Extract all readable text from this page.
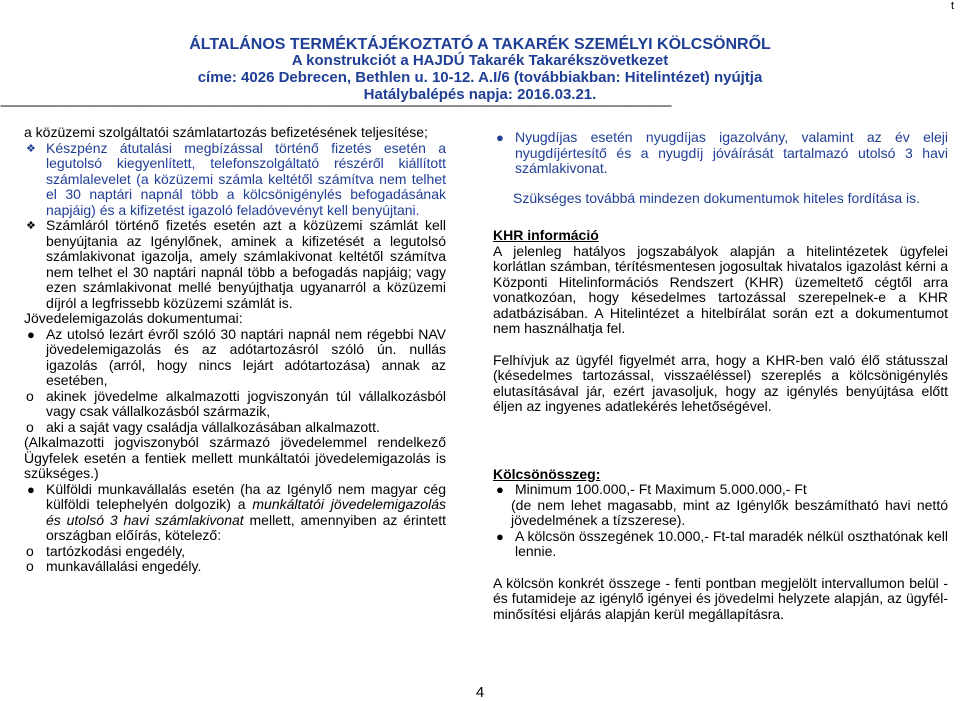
t
ÁLTALÁNOS TERMÉKTÁJÉKOZTATÓ A TAKARÉK SZEMÉLYI KÖLCSÖNRŐL
A konstrukciót a HAJDÚ Takarék Takarékszövetkezet
címe: 4026 Debrecen, Bethlen u. 10-12. A.I/6 (továbbiakban: Hitelintézet) nyújtja
Hatálybalépés napja: 2016.03.21.
--------------------------------------------------------------------------------------------------------------------------------------------------------------------------------------------------------------------------------

a közüzemi szolgáltatói számlatartozás befizetésének teljesítése;

❖ Készpénz átutalási megbízással történő fizetés esetén a legutolsó kiegyenlített, telefonszolgáltató részéről kiállított számlalevelet (a közüzemi számla keltétől számítva nem telhet el 30 naptári napnál több a kölcsönigénylés befogadásának napjáig) és a kifizetést igazoló feladóvevényt kell benyújtani.
❖ Számláról történő fizetés esetén azt a közüzemi számlát kell benyújtania az Igénylőnek, aminek a kifizetését a legutolsó számlakivonat igazolja, amely számlakivonat keltétől számítva nem telhet el 30 naptári napnál több a befogadás napjáig; vagy ezen számlakivonat mellé benyújthatja ugyanarról a közüzemi díjról a legfrissebb közüzemi számlát is.

Jövedelemigazolás dokumentumai:

● Az utolsó lezárt évről szóló 30 naptári napnál nem régebbi NAV jövedelemigazolás és az adótartozásról szóló ún. nullás igazolás (arról, hogy nincs lejárt adótartozása) annak az esetében,
o akinek jövedelme alkalmazotti jogviszonyán túl vállalkozásból vagy csak vállalkozásból származik,
o aki a saját vagy családja vállalkozásában alkalmazott.

(Alkalmazotti jogviszonyból származó jövedelemmel rendelkező Ügyfelek esetén a fentiek mellett munkáltatói jövedelemigazolás is szükséges.)

● Külföldi munkavállalás esetén (ha az Igénylő nem magyar cég külföldi telephelyén dolgozik) a munkáltatói jövedelemigazolás és utolsó 3 havi számlakivonat mellett, amennyiben az érintett országban előírás, kötelező:
o tartózkodási engedély,
o munkavállalási engedély.
● Nyugdíjas esetén nyugdíjas igazolvány, valamint az év eleji nyugdíjértesítő és a nyugdíj jóváírását tartalmazó utolsó 3 havi számlakivonat.

Szükséges továbbá mindezen dokumentumok hiteles fordítása is.

KHR információ

A jelenleg hatályos jogszabályok alapján a hitelintézetek ügyfelei korlátlan számban, térítésmentesen jogosultak hivatalos igazolást kérni a Központi Hitelinformációs Rendszert (KHR) üzemeltető cégtől arra vonatkozóan, hogy késedelmes tartozással szerepelnek-e a KHR adatbázisában. A Hitelintézet a hitelbírálat során ezt a dokumentumot nem használhatja fel.

Felhívjuk az ügyfél figyelmét arra, hogy a KHR-ben való élő státusszal (késedelmes tartozással, visszaéléssel) szereplés a kölcsönigénylés elutasításával jár, ezért javasoljuk, hogy az igénylés benyújtása előtt éljen az ingyenes adatlekérés lehetőségével.

Kölcsönösszeg:

● Minimum 100.000,- Ft Maximum 5.000.000,- Ft

(de nem lehet magasabb, mint az Igénylők beszámítható havi nettó jövedelmének a tízszerese).

● A kölcsön összegének 10.000,- Ft-tal maradék nélkül oszthatónak kell lennie.

A kölcsön konkrét összege - fenti pontban megjelölt intervallumon belül - és futamideje az igénylő igényei és jövedelmi helyzete alapján, az ügyfél-minősítési eljárás alapján kerül megállapításra.

4
